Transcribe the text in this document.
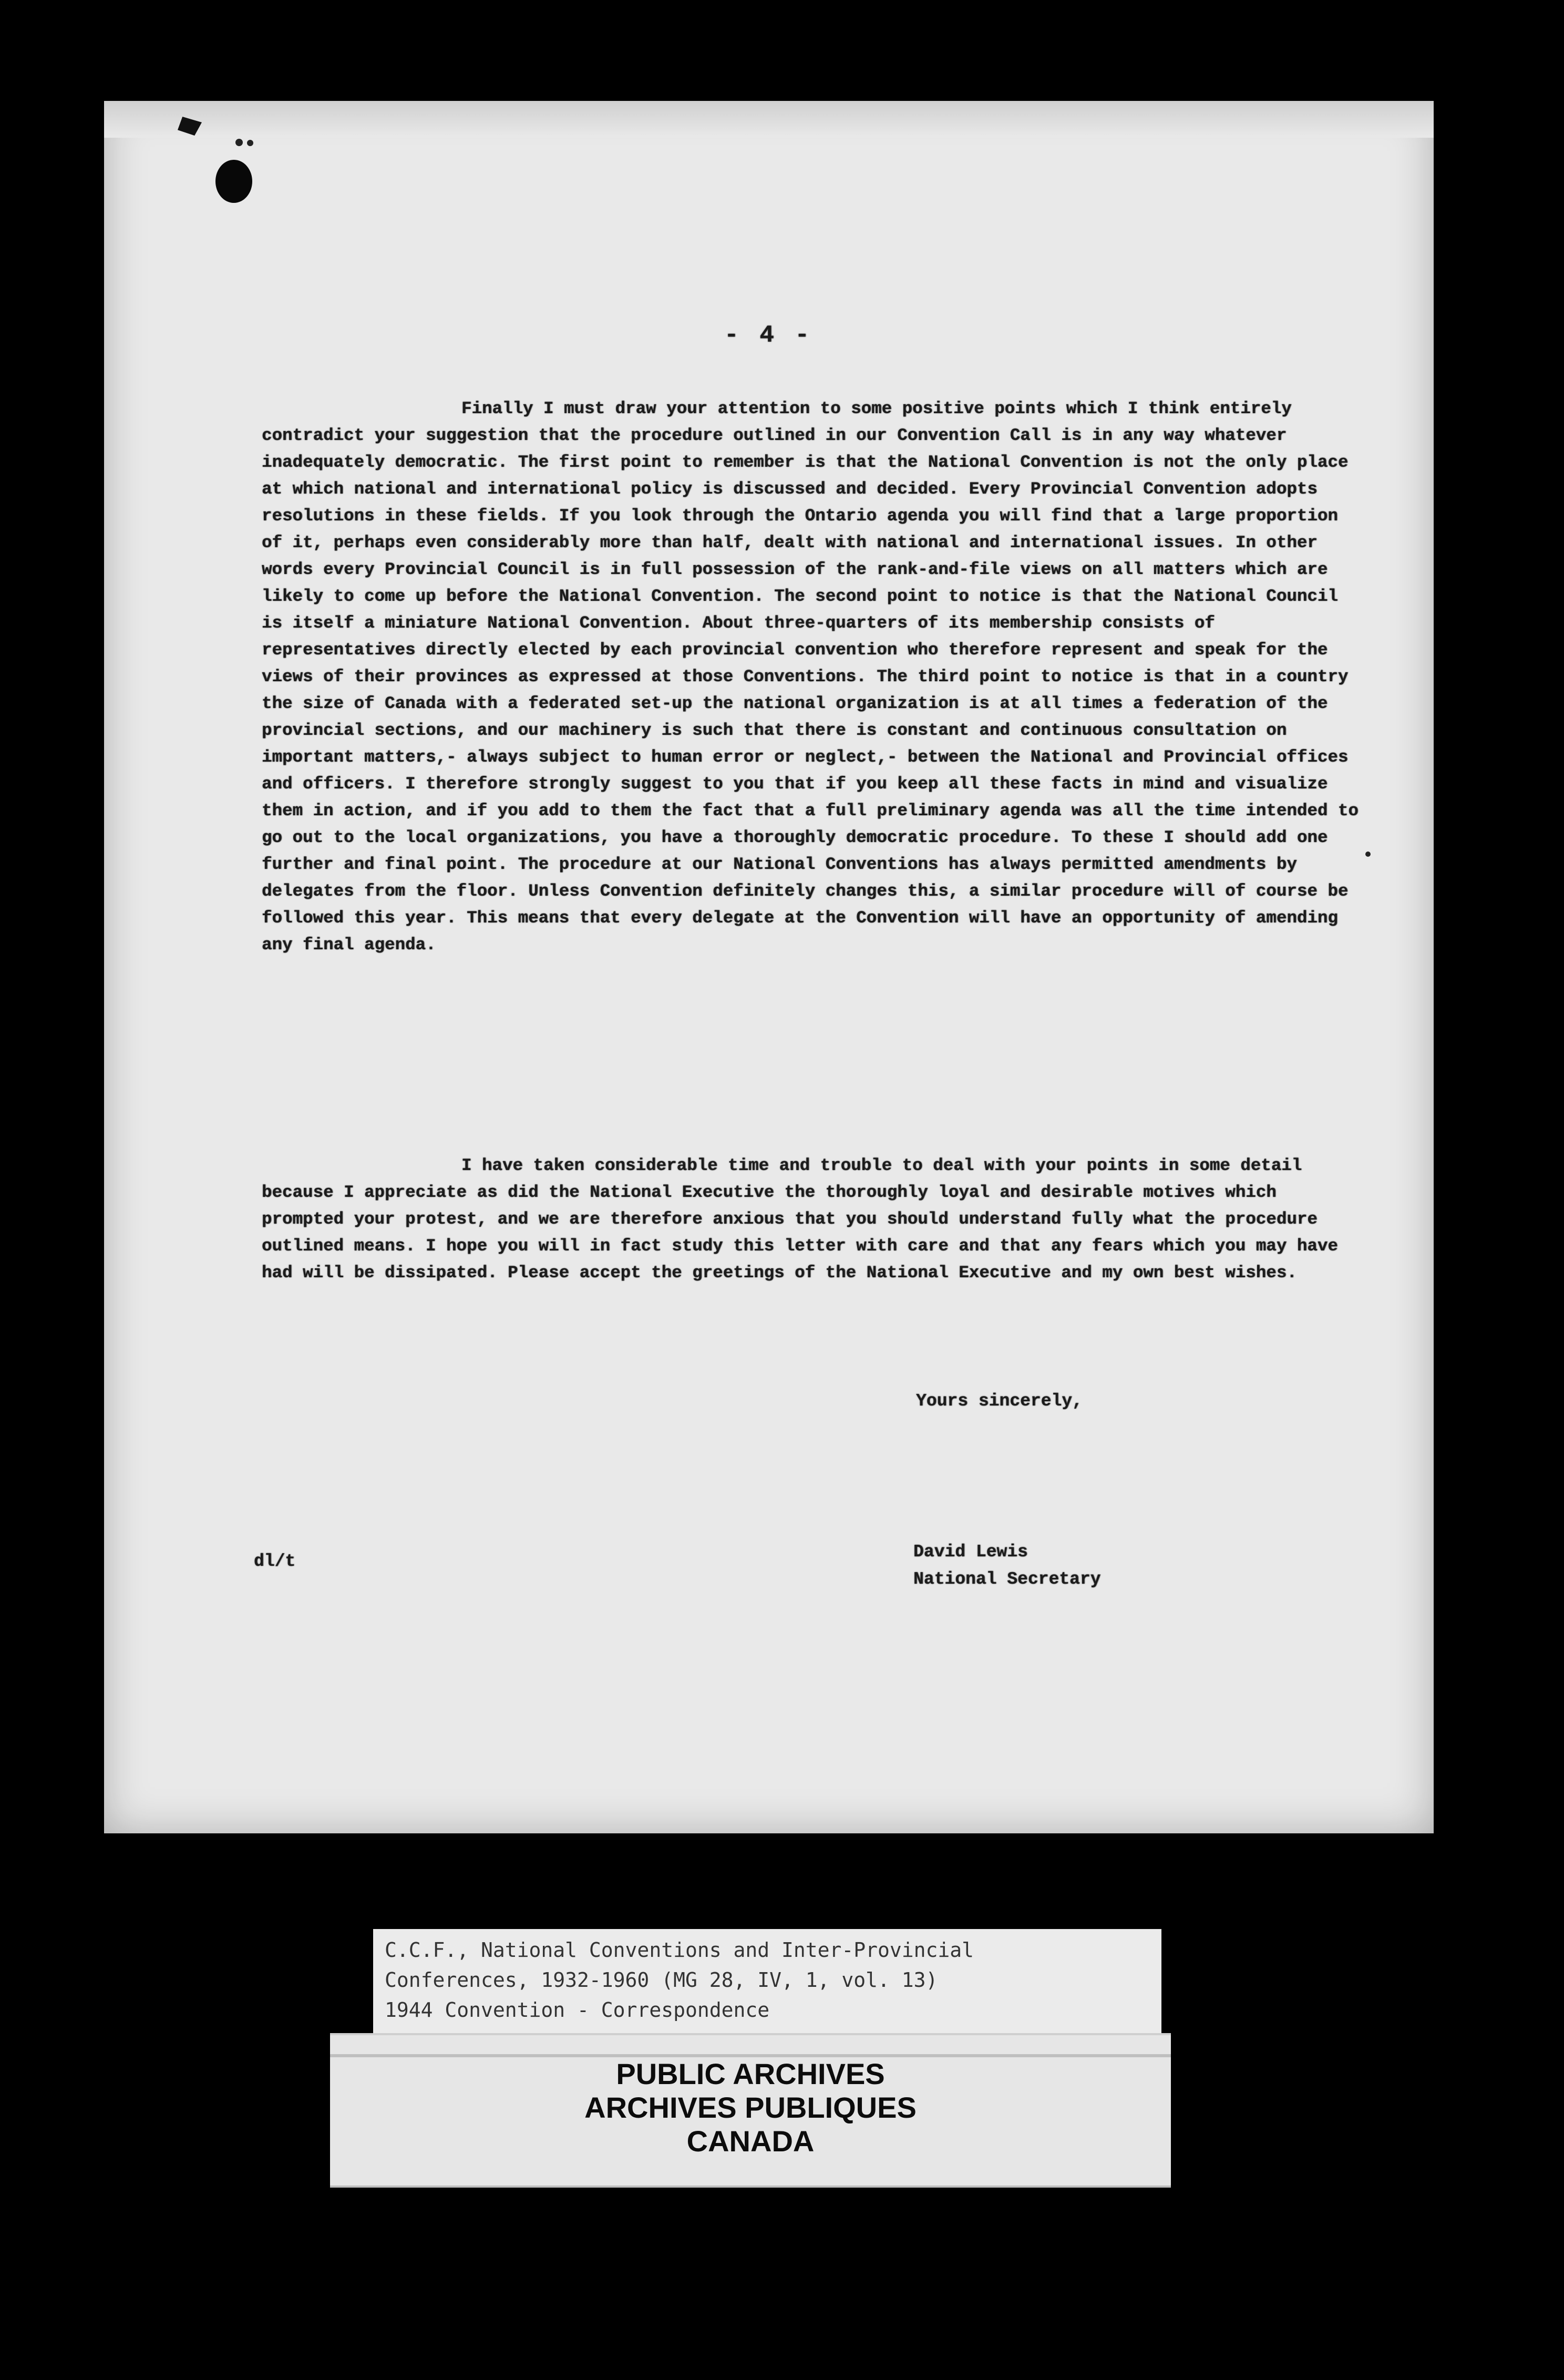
- 4 -

Finally I must draw your attention to some positive points which I think entirely contradict your suggestion that the procedure outlined in our Convention Call is in any way whatever inadequately democratic. The first point to remember is that the National Convention is not the only place at which national and international policy is discussed and decided. Every Provincial Convention adopts resolutions in these fields. If you look through the Ontario agenda you will find that a large proportion of it, perhaps even considerably more than half, dealt with national and international issues. In other words every Provincial Council is in full possession of the rank-and-file views on all matters which are likely to come up before the National Convention. The second point to notice is that the National Council is itself a miniature National Convention. About three-quarters of its membership consists of representatives directly elected by each provincial convention who therefore represent and speak for the views of their provinces as expressed at those Conventions. The third point to notice is that in a country the size of Canada with a federated set-up the national organization is at all times a federation of the provincial sections, and our machinery is such that there is constant and continuous consultation on important matters,- always subject to human error or neglect,- between the National and Provincial offices and officers. I therefore strongly suggest to you that if you keep all these facts in mind and visualize them in action, and if you add to them the fact that a full preliminary agenda was all the time intended to go out to the local organizations, you have a thoroughly democratic procedure. To these I should add one further and final point. The procedure at our National Conventions has always permitted amendments by delegates from the floor. Unless Convention definitely changes this, a similar procedure will of course be followed this year. This means that every delegate at the Convention will have an opportunity of amending any final agenda.

I have taken considerable time and trouble to deal with your points in some detail because I appreciate as did the National Executive the thoroughly loyal and desirable motives which prompted your protest, and we are therefore anxious that you should understand fully what the procedure outlined means. I hope you will in fact study this letter with care and that any fears which you may have had will be dissipated. Please accept the greetings of the National Executive and my own best wishes.

Yours sincerely,
dl/t	David Lewis
National Secretary
C.C.F., National Conventions and Inter-Provincial
Conferences, 1932-1960 (MG 28, IV, 1, vol. 13)
1944 Convention - Correspondence
PUBLIC ARCHIVES
ARCHIVES PUBLIQUES
CANADA
